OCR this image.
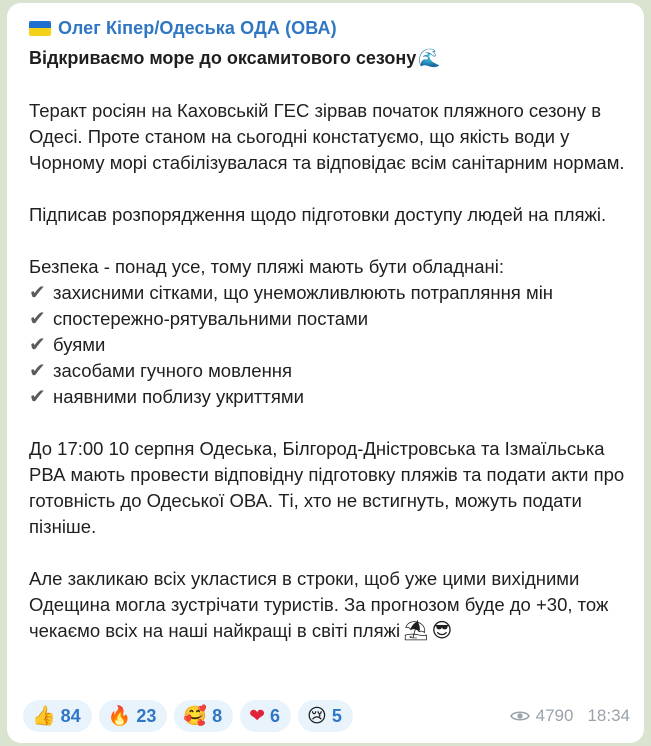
Олег Кіпер/Одеська ОДА (ОВА)
Відкриваємо море до оксамитового сезону 🌊

Теракт росіян на Каховській ГЕС зірвав початок пляжного сезону в Одесі. Проте станом на сьогодні констатуємо, що якість води у Чорному морі стабілізувалася та відповідає всім санітарним нормам.

Підписав розпорядження щодо підготовки доступу людей на пляжі.

Безпека - понад усе, тому пляжі мають бути обладнані:

✔ захисними сітками, що унеможливлюють потрапляння мін
✔ спостережно-рятувальними постами
✔ буями
✔ засобами гучного мовлення
✔ наявними поблизу укриттями

До 17:00 10 серпня Одеська, Білгород-Дністровська та Ізмаїльська РВА мають провести відповідну підготовку пляжів та подати акти про готовність до Одеської ОВА. Ті, хто не встигнуть, можуть подати пізніше.

Але закликаю всіх укластися в строки, щоб уже цими вихідними Одещина могла зустрічати туристів. За прогнозом буде до +30, тож чекаємо всіх на наші найкращі в світі пляжі ⛱ 😎

👍 84 🔥 23 🥰 8 ❤ 6 😢 5	4790 18:34
